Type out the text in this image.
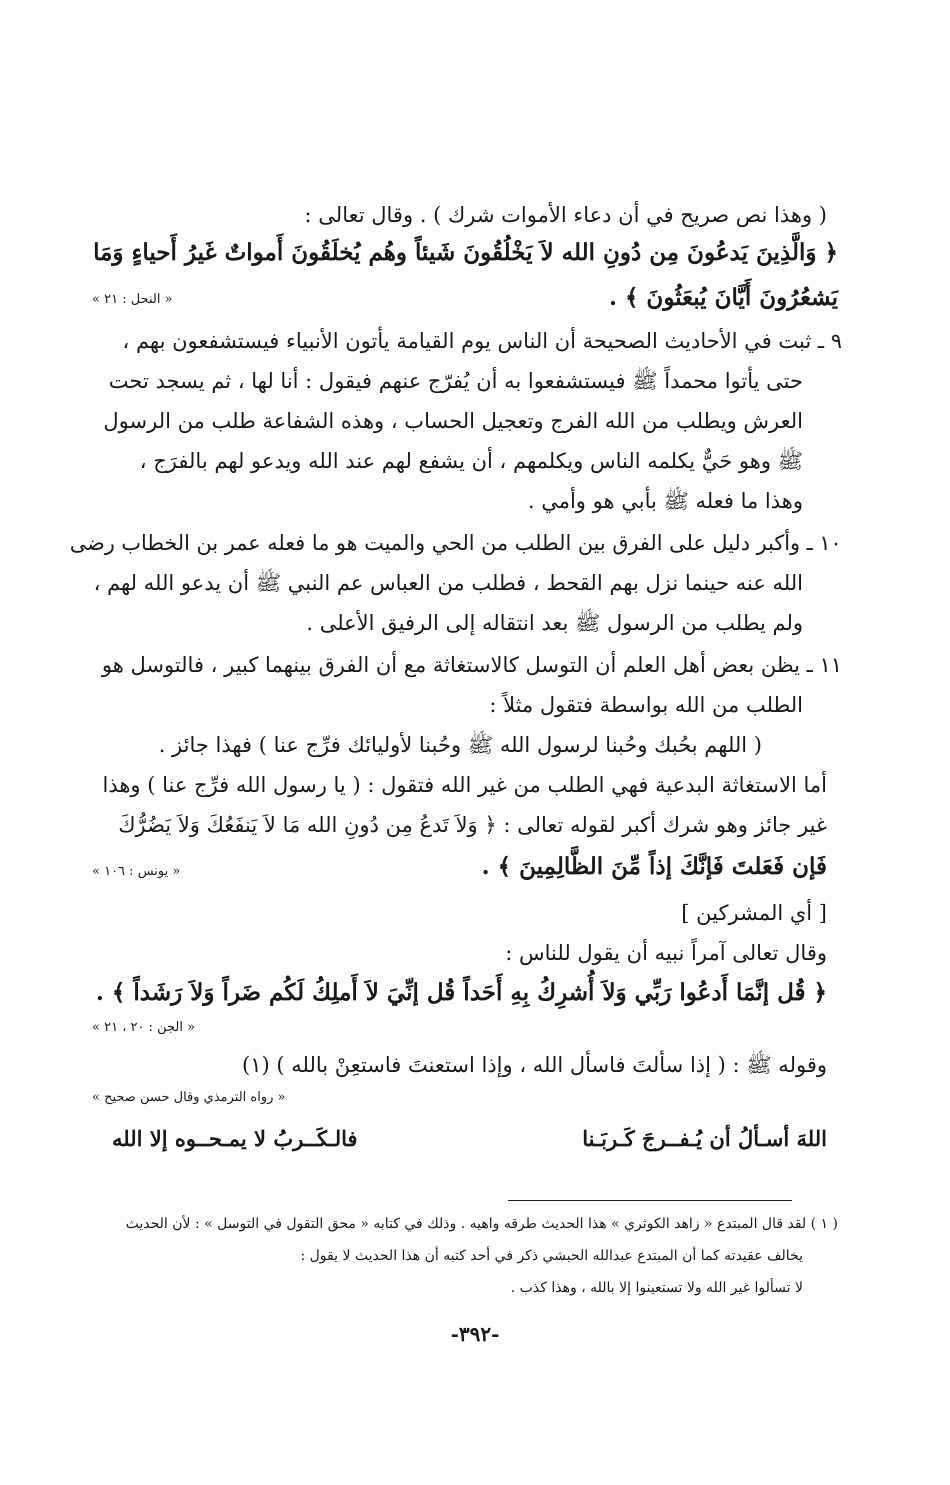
( وهذا نص صريح في أن دعاء الأموات شرك ) . وقال تعالى :
﴿ وَالَّذِينَ يَدعُونَ مِن دُونِ الله لاَ يَخْلُقُونَ شَيئاً وهُم يُخلَقُونَ أَمواتٌ غَيرُ أَحياءٍ وَمَا
يَشعُرُونَ أَيَّانَ يُبعَثُونَ ﴾ .
« النحل : ٢١ »
٩ ـ ثبت في الأحاديث الصحيحة أن الناس يوم القيامة يأتون الأنبياء فيستشفعون بهم ،
حتى يأتوا محمداً ﷺ فيستشفعوا به أن يُفرّج عنهم فيقول : أنا لها ، ثم يسجد تحت
العرش ويطلب من الله الفرج وتعجيل الحساب ، وهذه الشفاعة طلب من الرسول
ﷺ وهو حَيٌّ يكلمه الناس ويكلمهم ، أن يشفع لهم عند الله ويدعو لهم بالفرَج ،
وهذا ما فعله ﷺ بأبي هو وأمي .
١٠ ـ وأكبر دليل على الفرق بين الطلب من الحي والميت هو ما فعله عمر بن الخطاب رضى
الله عنه حينما نزل بهم القحط ، فطلب من العباس عم النبي ﷺ أن يدعو الله لهم ،
ولم يطلب من الرسول ﷺ بعد انتقاله إلى الرفيق الأعلى .
١١ ـ يظن بعض أهل العلم أن التوسل كالاستغاثة مع أن الفرق بينهما كبير ، فالتوسل هو
الطلب من الله بواسطة فتقول مثلاً :
( اللهم بحُبك وحُبنا لرسول الله ﷺ وحُبنا لأوليائك فرِّج عنا ) فهذا جائز .
أما الاستغاثة البدعية فهي الطلب من غير الله فتقول : ( يا رسول الله فرِّج عنا ) وهذا
غير جائز وهو شرك أكبر لقوله تعالى : ﴿ وَلاَ تَدعُ مِن دُونِ الله مَا لاَ يَنفَعُكَ وَلاَ يَضُرُّكَ
فَإن فَعَلتَ فَإنَّكَ إذاً مِّنَ الظَّالِمِينَ ﴾ .
« يونس : ١٠٦ »
[ أي المشركين ]
وقال تعالى آمراً نبيه أن يقول للناس :
﴿ قُل إنَّمَا أَدعُوا رَبِّي وَلاَ أُشرِكُ بِهِ أَحَداً قُل إنِّيَ لاَ أَملِكُ لَكُم ضَراً وَلاَ رَشَداً ﴾ .
« الجن : ٢٠ ، ٢١ »
وقوله ﷺ : ( إذا سألتَ فاسأل الله ، وإذا استعنتَ فاستعِنْ بالله ) (١)
« رواه الترمذي وقال حسن صحيح »
اللهَ أسـألُ أن يُـفــرجَ كَـربَـنا
فالـكَــربُ لا يمـحــوه إلا الله
( ١ ) لقد قال المبتدع « زاهد الكوثري » هذا الحديث طرقه واهيه . وذلك في كتابه « محق التقول في التوسل » : لأن الحديث
يخالف عقيدته كما أن المبتدع عبدالله الحبشي ذكر في أحد كتبه أن هذا الحديث لا يقول :
لا تسألوا غير الله ولا تستعينوا إلا بالله ، وهذا كذب .
-٣٩٢-
